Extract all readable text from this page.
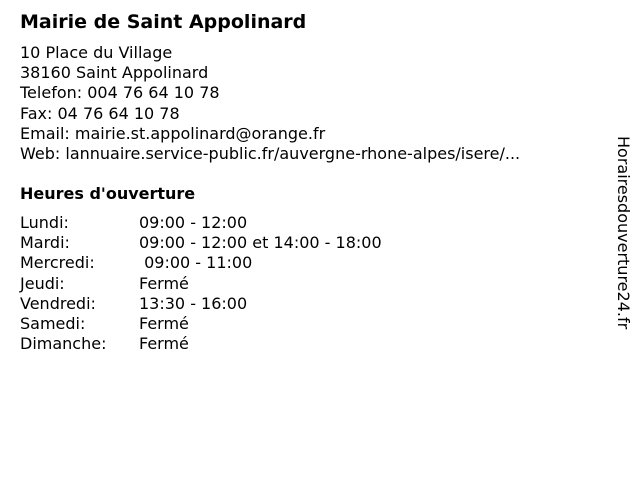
Mairie de Saint Appolinard
10 Place du Village
38160 Saint Appolinard
Telefon: 004 76 64 10 78
Fax: 04 76 64 10 78
Email: mairie.st.appolinard@orange.fr
Web: lannuaire.service-public.fr/auvergne-rhone-alpes/isere/...
Heures d'ouverture
Lundi:	09:00 - 12:00
Mardi:	09:00 - 12:00 et 14:00 - 18:00
Mercredi:	09:00 - 11:00
Jeudi:	Fermé
Vendredi:	13:30 - 16:00
Samedi:	Fermé
Dimanche: Fermé
Horairesdouverture24.fr
